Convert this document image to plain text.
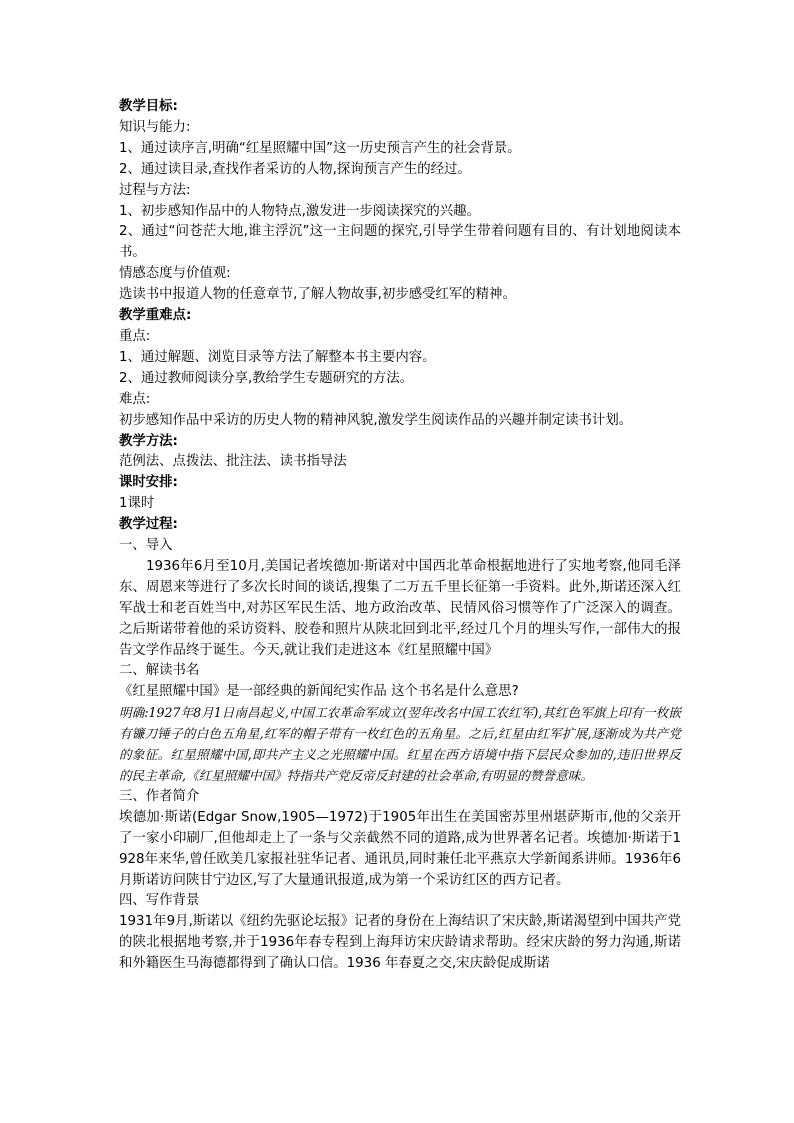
教学目标:
知识与能力:
1、通过读序言,明确“红星照耀中国”这一历史预言产生的社会背景。
2、通过读目录,查找作者采访的人物,探询预言产生的经过。
过程与方法:
1、初步感知作品中的人物特点,激发进一步阅读探究的兴趣。
2、通过“问苍茫大地,谁主浮沉”这一主问题的探究,引导学生带着问题有目的、有计划地阅读本书。
情感态度与价值观:
选读书中报道人物的任意章节,了解人物故事,初步感受红军的精神。
教学重难点:
重点:
1、通过解题、浏览目录等方法了解整本书主要内容。
2、通过教师阅读分享,教给学生专题研究的方法。
难点:
初步感知作品中采访的历史人物的精神风貌,激发学生阅读作品的兴趣并制定读书计划。
教学方法:
范例法、点拨法、批注法、读书指导法
课时安排:
1课时
教学过程:
一、导入
1936年6月至10月,美国记者埃德加·斯诺对中国西北革命根据地进行了实地考察,他同毛泽东、周恩来等进行了多次长时间的谈话,搜集了二万五千里长征第一手资料。此外,斯诺还深入红军战士和老百姓当中,对苏区军民生活、地方政治改革、民情风俗习惯等作了广泛深入的调查。之后斯诺带着他的采访资料、胶卷和照片从陕北回到北平,经过几个月的埋头写作,一部伟大的报告文学作品终于诞生。今天,就让我们走进这本《红星照耀中国》
二、解读书名
《红星照耀中国》是一部经典的新闻纪实作品 这个书名是什么意思?
明确:1927年8月1日南昌起义,中国工农革命军成立(翌年改名中国工农红军),其红色军旗上印有一枚嵌有镰刀锤子的白色五角星,红军的帽子带有一枚红色的五角星。之后,红星由红军扩展,逐渐成为共产党的象征。红星照耀中国,即共产主义之光照耀中国。红星在西方语境中指下层民众参加的,违旧世界反的民主革命,《红星照耀中国》特指共产党反帝反封建的社会革命,有明显的赞誉意味。
三、作者简介
埃德加·斯诺(Edgar Snow,1905—1972)于1905年出生在美国密苏里州堪萨斯市,他的父亲开了一家小印刷厂,但他却走上了一条与父亲截然不同的道路,成为世界著名记者。埃德加·斯诺于1928年来华,曾任欧美几家报社驻华记者、通讯员,同时兼任北平燕京大学新闻系讲师。1936年6月斯诺访问陕甘宁边区,写了大量通讯报道,成为第一个采访红区的西方记者。
四、写作背景
1931年9月,斯诺以《纽约先驱论坛报》记者的身份在上海结识了宋庆龄,斯诺渴望到中国共产党的陕北根据地考察,并于1936年春专程到上海拜访宋庆龄请求帮助。经宋庆龄的努力沟通,斯诺和外籍医生马海德都得到了确认口信。1936 年春夏之交,宋庆龄促成斯诺
